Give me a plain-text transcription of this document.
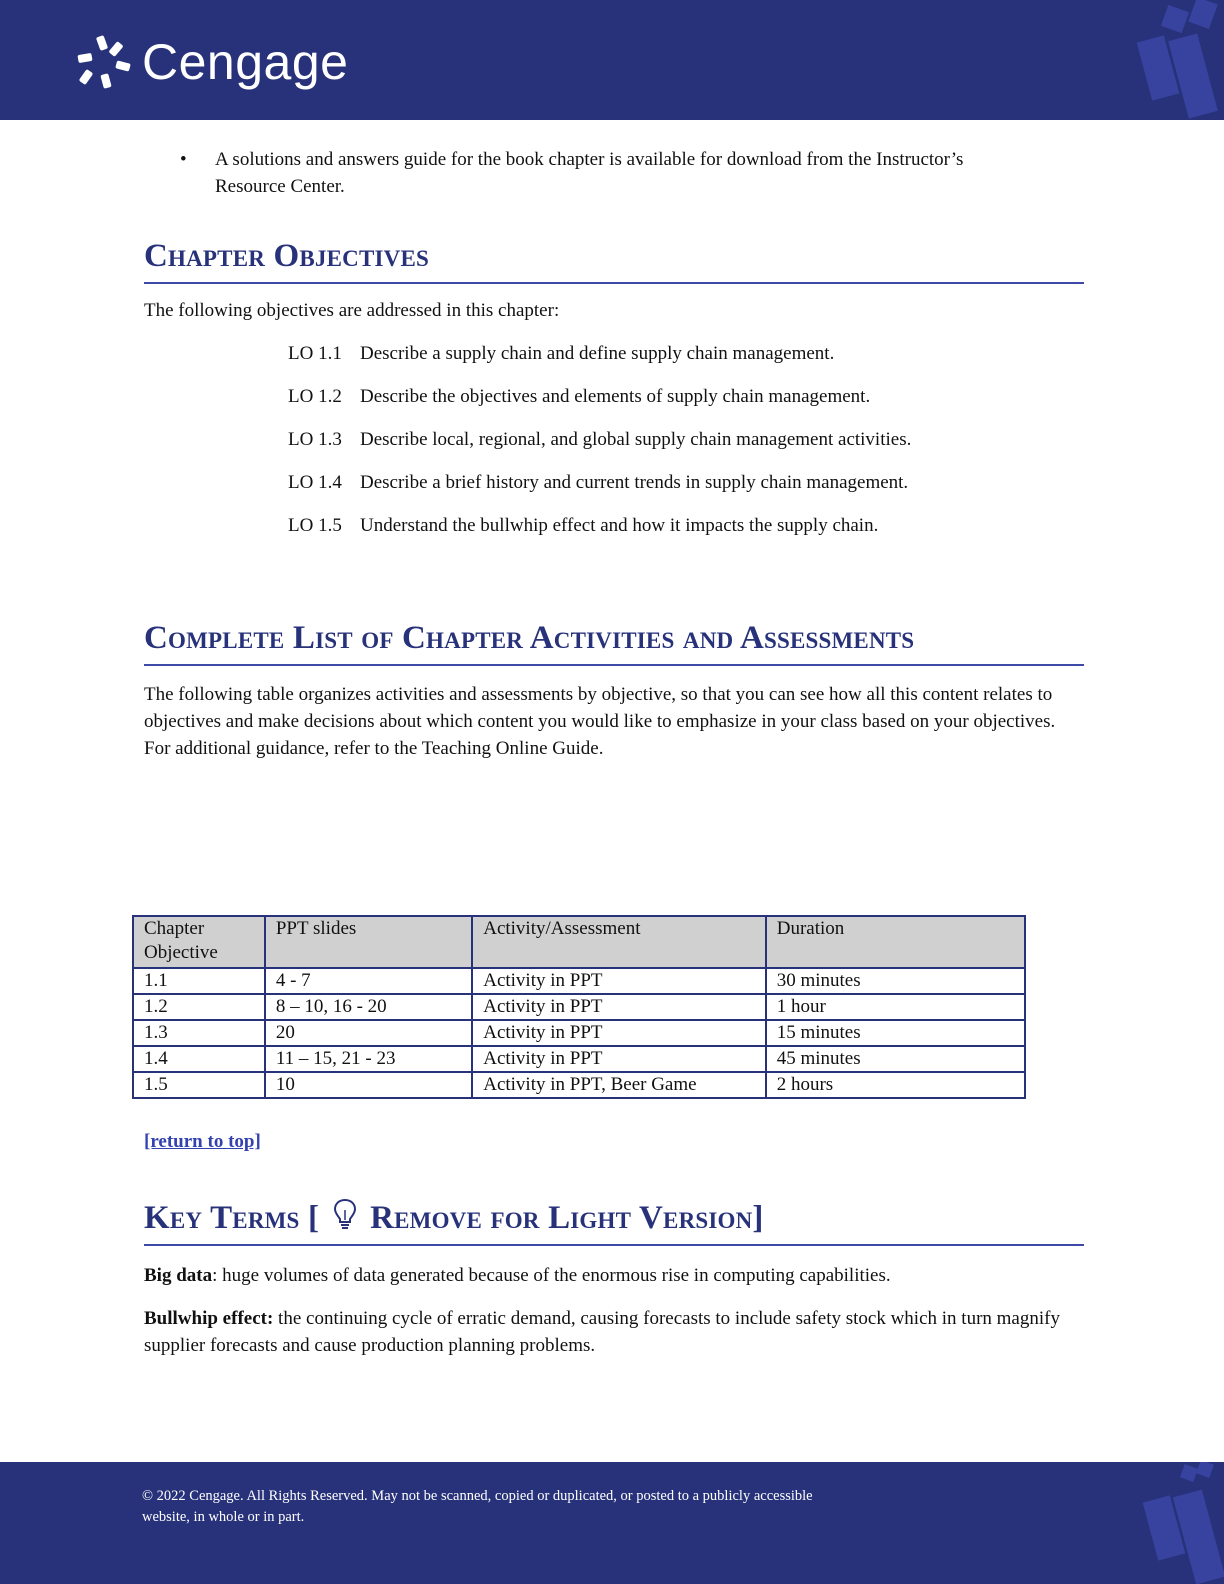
Cengage
• A solutions and answers guide for the book chapter is available for download from the Instructor’s Resource Center.
Chapter Objectives

The following objectives are addressed in this chapter:

LO 1.1 Describe a supply chain and define supply chain management.
LO 1.2 Describe the objectives and elements of supply chain management.
LO 1.3 Describe local, regional, and global supply chain management activities.
LO 1.4 Describe a brief history and current trends in supply chain management.
LO 1.5 Understand the bullwhip effect and how it impacts the supply chain.
Complete List of Chapter Activities and Assessments

The following table organizes activities and assessments by objective, so that you can see how all this content relates to objectives and make decisions about which content you would like to emphasize in your class based on your objectives. For additional guidance, refer to the Teaching Online Guide.

Chapter Objective	PPT slides	Activity/Assessment	Duration
1.1	4 - 7	Activity in PPT	30 minutes
1.2	8 – 10, 16 - 20	Activity in PPT	1 hour
1.3	20	Activity in PPT	15 minutes
1.4	11 – 15, 21 - 23	Activity in PPT	45 minutes
1.5	10	Activity in PPT, Beer Game	2 hours
[return to top]
Key Terms [ Remove for Light Version]

Big data: huge volumes of data generated because of the enormous rise in computing capabilities.

Bullwhip effect: the continuing cycle of erratic demand, causing forecasts to include safety stock which in turn magnify supplier forecasts and cause production planning problems.

© 2022 Cengage. All Rights Reserved. May not be scanned, copied or duplicated, or posted to a publicly accessible website, in whole or in part.
